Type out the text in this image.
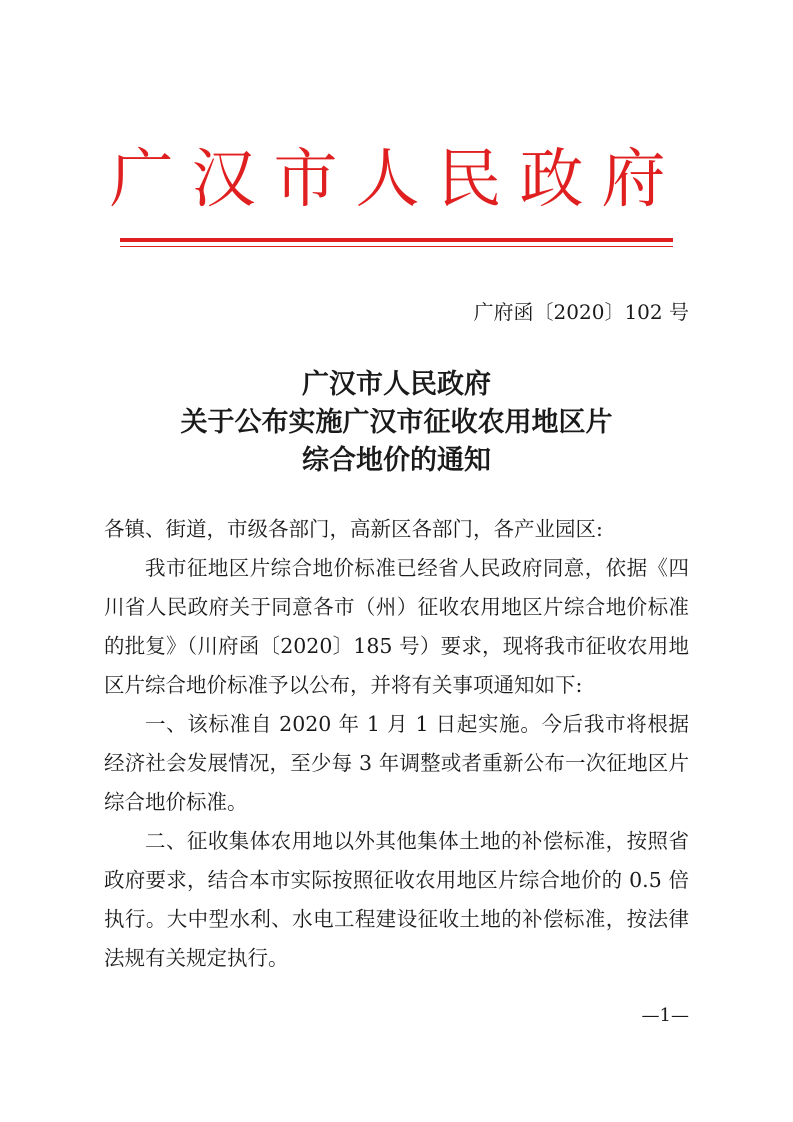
广汉市人民政府
广府函〔2020〕102 号
广汉市人民政府
关于公布实施广汉市征收农用地区片
综合地价的通知

各镇、街道，市级各部门，高新区各部门，各产业园区:

我市征地区片综合地价标准已经省人民政府同意，依据《四川省人民政府关于同意各市（州）征收农用地区片综合地价标准的批复》（川府函〔2020〕185 号）要求，现将我市征收农用地区片综合地价标准予以公布，并将有关事项通知如下:

一、该标准自 2020 年 1 月 1 日起实施。今后我市将根据经济社会发展情况，至少每 3 年调整或者重新公布一次征地区片综合地价标准。

二、征收集体农用地以外其他集体土地的补偿标准，按照省政府要求，结合本市实际按照征收农用地区片综合地价的 0.5 倍执行。大中型水利、水电工程建设征收土地的补偿标准，按法律法规有关规定执行。

—1—
